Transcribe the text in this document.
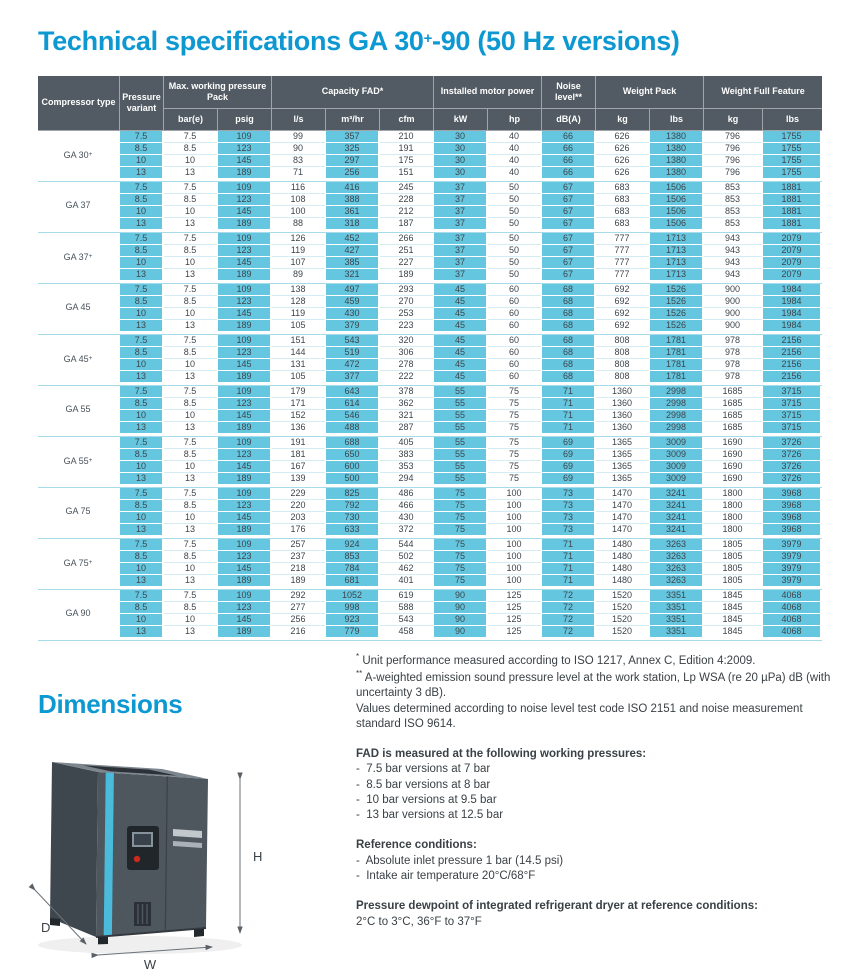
Technical specifications GA 30+-90 (50 Hz versions)
Compressor type	Pressure variant	Max. working pressure Pack		Capacity FAD*			Installed motor power		Noise level**	Weight Pack		Weight Full Feature	
		bar(e)	psig	l/s	m³/hr	cfm	kW	hp	dB(A)	kg	lbs	kg	lbs
GA 30+	7.5	7.5	109	99	357	210	30	40	66	626	1380	796	1755
	8.5	8.5	123	90	325	191	30	40	66	626	1380	796	1755
	10	10	145	83	297	175	30	40	66	626	1380	796	1755
	13	13	189	71	256	151	30	40	66	626	1380	796	1755

GA 37	7.5	7.5	109	116	416	245	37	50	67	683	1506	853	1881
	8.5	8.5	123	108	388	228	37	50	67	683	1506	853	1881
	10	10	145	100	361	212	37	50	67	683	1506	853	1881
	13	13	189	88	318	187	37	50	67	683	1506	853	1881

GA 37+	7.5	7.5	109	126	452	266	37	50	67	777	1713	943	2079
	8.5	8.5	123	119	427	251	37	50	67	777	1713	943	2079
	10	10	145	107	385	227	37	50	67	777	1713	943	2079
	13	13	189	89	321	189	37	50	67	777	1713	943	2079

GA 45	7.5	7.5	109	138	497	293	45	60	68	692	1526	900	1984
	8.5	8.5	123	128	459	270	45	60	68	692	1526	900	1984
	10	10	145	119	430	253	45	60	68	692	1526	900	1984
	13	13	189	105	379	223	45	60	68	692	1526	900	1984

GA 45+	7.5	7.5	109	151	543	320	45	60	68	808	1781	978	2156
	8.5	8.5	123	144	519	306	45	60	68	808	1781	978	2156
	10	10	145	131	472	278	45	60	68	808	1781	978	2156
	13	13	189	105	377	222	45	60	68	808	1781	978	2156

GA 55	7.5	7.5	109	179	643	378	55	75	71	1360	2998	1685	3715
	8.5	8.5	123	171	614	362	55	75	71	1360	2998	1685	3715
	10	10	145	152	546	321	55	75	71	1360	2998	1685	3715
	13	13	189	136	488	287	55	75	71	1360	2998	1685	3715

GA 55+	7.5	7.5	109	191	688	405	55	75	69	1365	3009	1690	3726
	8.5	8.5	123	181	650	383	55	75	69	1365	3009	1690	3726
	10	10	145	167	600	353	55	75	69	1365	3009	1690	3726
	13	13	189	139	500	294	55	75	69	1365	3009	1690	3726

GA 75	7.5	7.5	109	229	825	486	75	100	73	1470	3241	1800	3968
	8.5	8.5	123	220	792	466	75	100	73	1470	3241	1800	3968
	10	10	145	203	730	430	75	100	73	1470	3241	1800	3968
	13	13	189	176	633	372	75	100	73	1470	3241	1800	3968

GA 75+	7.5	7.5	109	257	924	544	75	100	71	1480	3263	1805	3979
	8.5	8.5	123	237	853	502	75	100	71	1480	3263	1805	3979
	10	10	145	218	784	462	75	100	71	1480	3263	1805	3979
	13	13	189	189	681	401	75	100	71	1480	3263	1805	3979

GA 90	7.5	7.5	109	292	1052	619	90	125	72	1520	3351	1845	4068
	8.5	8.5	123	277	998	588	90	125	72	1520	3351	1845	4068
	10	10	145	256	923	543	90	125	72	1520	3351	1845	4068
	13	13	189	216	779	458	90	125	72	1520	3351	1845	4068

Dimensions
H
W
D

* Unit performance measured according to ISO 1217, Annex C, Edition 4:2009.

** A-weighted emission sound pressure level at the work station, Lp WSA (re 20 µPa) dB (with uncertainty 3 dB).

Values determined according to noise level test code ISO 2151 and noise measurement standard ISO 9614.

FAD is measured at the following working pressures:

- 7.5 bar versions at 7 bar
- 8.5 bar versions at 8 bar
- 10 bar versions at 9.5 bar
- 13 bar versions at 12.5 bar

Reference conditions:

- Absolute inlet pressure 1 bar (14.5 psi)
- Intake air temperature 20°C/68°F

Pressure dewpoint of integrated refrigerant dryer at reference conditions:

2°C to 3°C, 36°F to 37°F
